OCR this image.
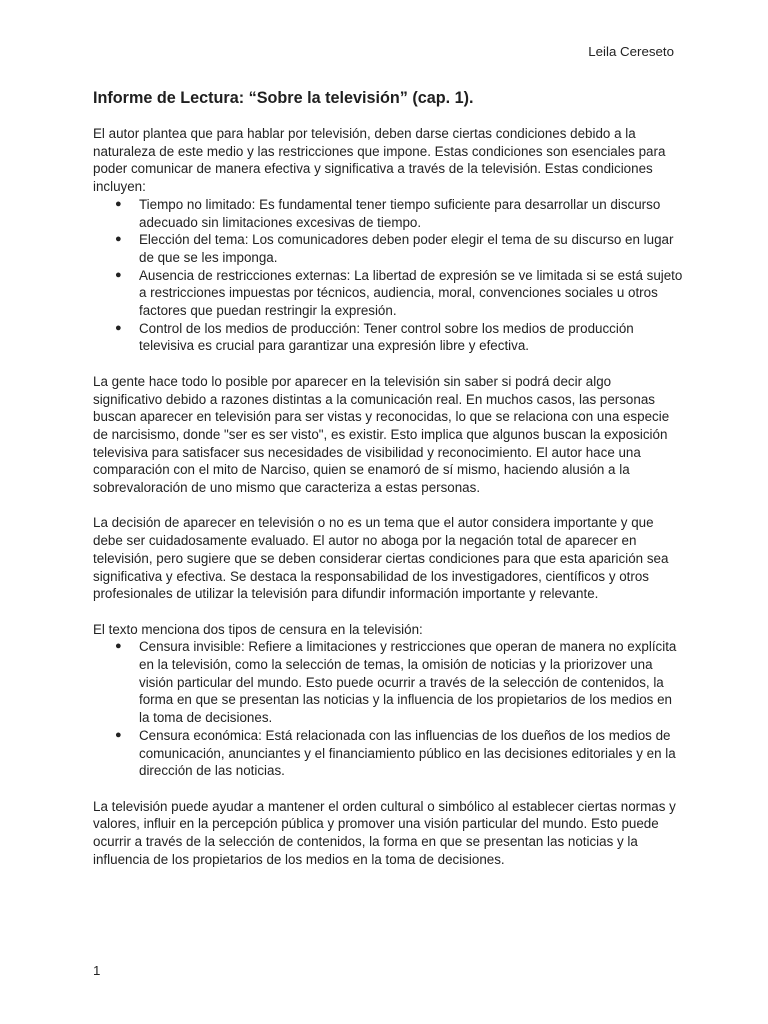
Leila Cereseto
Informe de Lectura: “Sobre la televisión” (cap. 1).

El autor plantea que para hablar por televisión, deben darse ciertas condiciones debido a la naturaleza de este medio y las restricciones que impone. Estas condiciones son esenciales para poder comunicar de manera efectiva y significativa a través de la televisión. Estas condiciones incluyen:

● Tiempo no limitado: Es fundamental tener tiempo suficiente para desarrollar un discurso adecuado sin limitaciones excesivas de tiempo.
● Elección del tema: Los comunicadores deben poder elegir el tema de su discurso en lugar de que se les imponga.
● Ausencia de restricciones externas: La libertad de expresión se ve limitada si se está sujeto a restricciones impuestas por técnicos, audiencia, moral, convenciones sociales u otros factores que puedan restringir la expresión.
● Control de los medios de producción: Tener control sobre los medios de producción televisiva es crucial para garantizar una expresión libre y efectiva.

La gente hace todo lo posible por aparecer en la televisión sin saber si podrá decir algo significativo debido a razones distintas a la comunicación real. En muchos casos, las personas buscan aparecer en televisión para ser vistas y reconocidas, lo que se relaciona con una especie de narcisismo, donde "ser es ser visto", es existir. Esto implica que algunos buscan la exposición televisiva para satisfacer sus necesidades de visibilidad y reconocimiento. El autor hace una comparación con el mito de Narciso, quien se enamoró de sí mismo, haciendo alusión a la sobrevaloración de uno mismo que caracteriza a estas personas.

La decisión de aparecer en televisión o no es un tema que el autor considera importante y que debe ser cuidadosamente evaluado. El autor no aboga por la negación total de aparecer en televisión, pero sugiere que se deben considerar ciertas condiciones para que esta aparición sea significativa y efectiva. Se destaca la responsabilidad de los investigadores, científicos y otros profesionales de utilizar la televisión para difundir información importante y relevante.

El texto menciona dos tipos de censura en la televisión:

● Censura invisible: Refiere a limitaciones y restricciones que operan de manera no explícita en la televisión, como la selección de temas, la omisión de noticias y la priorizover una visión particular del mundo. Esto puede ocurrir a través de la selección de contenidos, la forma en que se presentan las noticias y la influencia de los propietarios de los medios en la toma de decisiones.
● Censura económica: Está relacionada con las influencias de los dueños de los medios de comunicación, anunciantes y el financiamiento público en las decisiones editoriales y en la dirección de las noticias.

La televisión puede ayudar a mantener el orden cultural o simbólico al establecer ciertas normas y valores, influir en la percepción pública y promover una visión particular del mundo. Esto puede ocurrir a través de la selección de contenidos, la forma en que se presentan las noticias y la influencia de los propietarios de los medios en la toma de decisiones.

1
